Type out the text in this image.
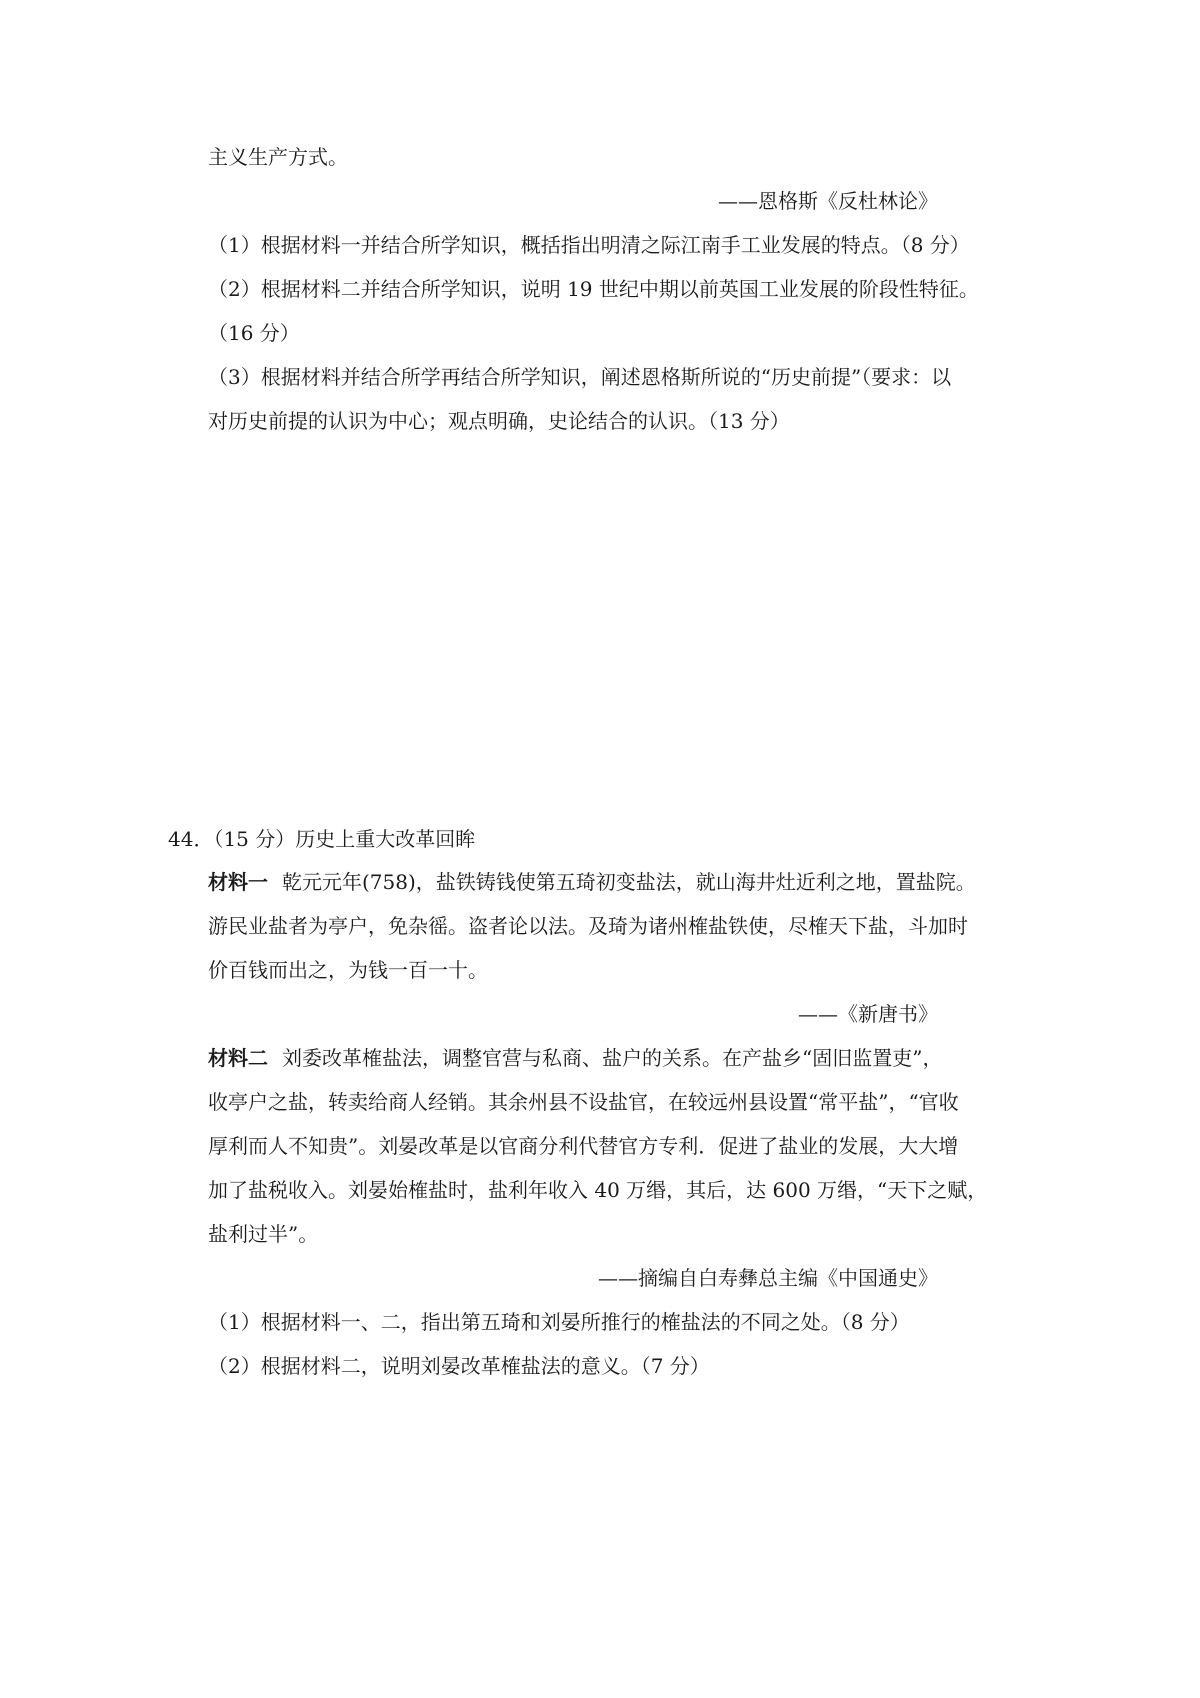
主义生产方式。
——恩格斯《反杜林论》
（1）根据材料一并结合所学知识，概括指出明清之际江南手工业发展的特点。（8 分）
（2）根据材料二并结合所学知识，说明 19 世纪中期以前英国工业发展的阶段性特征。
（16 分）
（3）根据材料并结合所学再结合所学知识，阐述恩格斯所说的“历史前提”（要求：以
对历史前提的认识为中心；观点明确，史论结合的认识。（13 分）
44．（15 分）历史上重大改革回眸
材料一 乾元元年(758)，盐铁铸钱使第五琦初变盐法，就山海井灶近利之地，置盐院。
游民业盐者为亭户，免杂徭。盗者论以法。及琦为诸州榷盐铁使，尽榷天下盐，斗加时
价百钱而出之，为钱一百一十。
——《新唐书》
材料二 刘委改革榷盐法，调整官营与私商、盐户的关系。在产盐乡“固旧监置吏”，
收亭户之盐，转卖给商人经销。其余州县不设盐官，在较远州县设置“常平盐”，“官收
厚利而人不知贵”。刘晏改革是以官商分利代替官方专利．促进了盐业的发展，大大增
加了盐税收入。刘晏始榷盐时，盐利年收入 40 万缗，其后，达 600 万缗，“天下之赋，
盐利过半”。
——摘编自白寿彝总主编《中国通史》
（1）根据材料一、二，指出第五琦和刘晏所推行的榷盐法的不同之处。（8 分）
（2）根据材料二，说明刘晏改革榷盐法的意义。（7 分）
